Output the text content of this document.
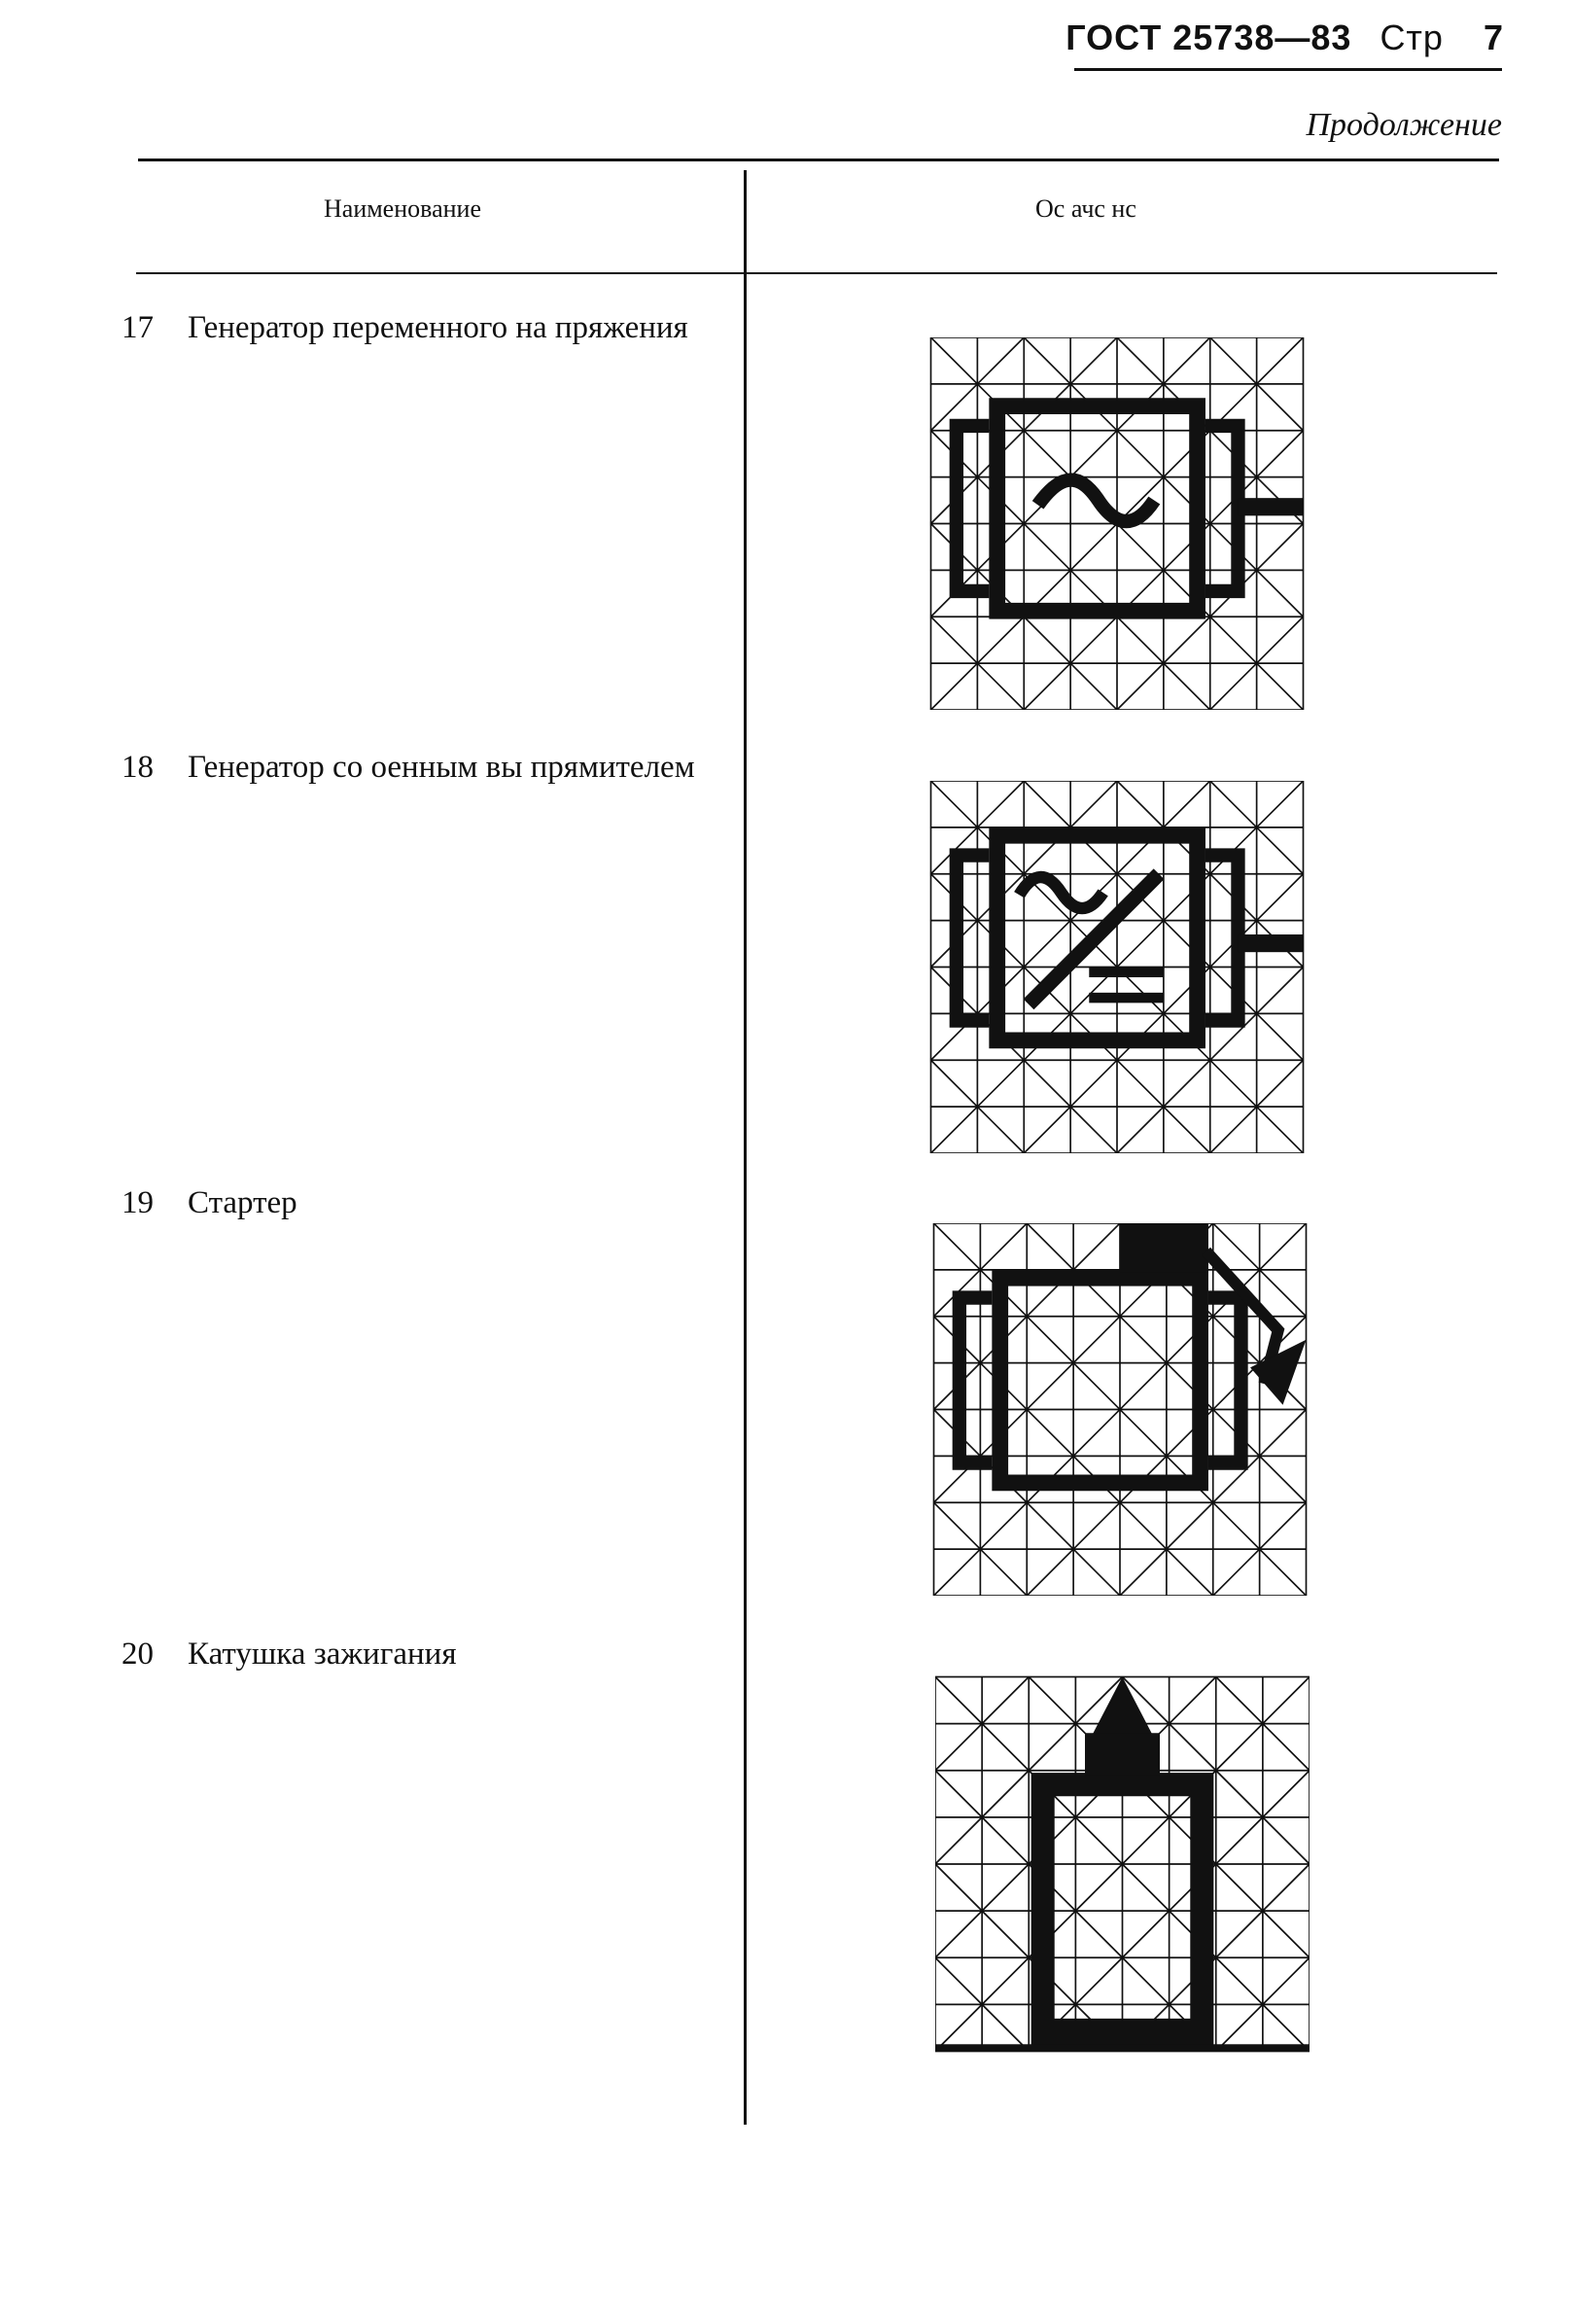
ГОСТ 25738—83 Стр 7
Продолжение
Наименование	Ос ачс нс
17 Генератор переменного на пряжения
18 Генератор со оенным вы прямителем
19 Стартер
20 Катушка зажигания
